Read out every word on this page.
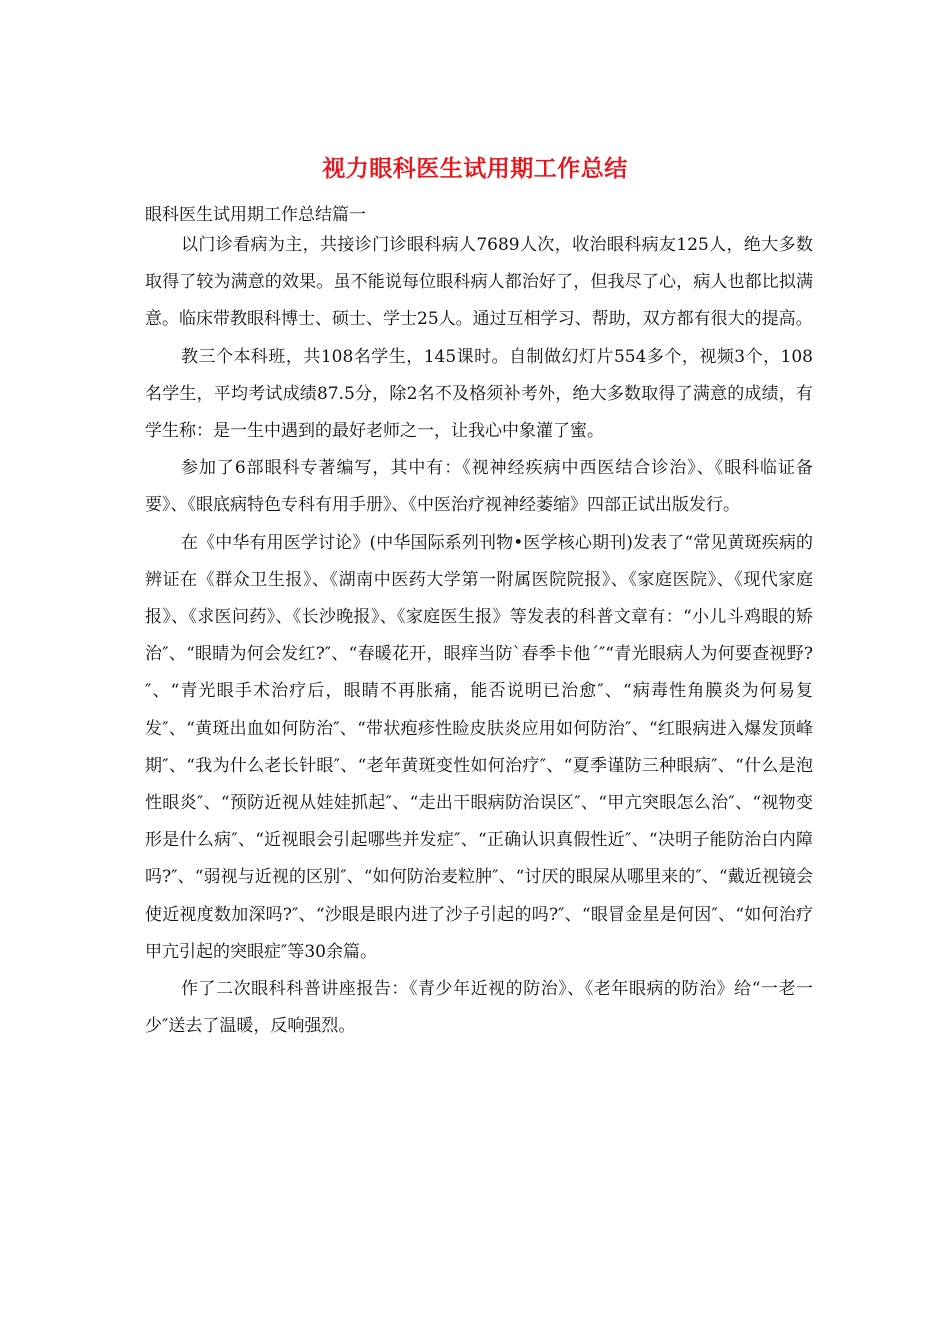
视力眼科医生试用期工作总结
眼科医生试用期工作总结篇一

以门诊看病为主，共接诊门诊眼科病人7689人次，收治眼科病友125人，绝大多数取得了较为满意的效果。虽不能说每位眼科病人都治好了，但我尽了心，病人也都比拟满意。临床带教眼科博士、硕士、学士25人。通过互相学习、帮助，双方都有很大的提高。

教三个本科班，共108名学生，145课时。自制做幻灯片554多个，视频3个，108名学生，平均考试成绩87.5分，除2名不及格须补考外，绝大多数取得了满意的成绩，有学生称：是一生中遇到的最好老师之一，让我心中象灌了蜜。

参加了6部眼科专著编写，其中有：《视神经疾病中西医结合诊治》、《眼科临证备要》、《眼底病特色专科有用手册》、《中医治疗视神经萎缩》四部正试出版发行。

在《中华有用医学讨论》(中华国际系列刊物•医学核心期刊)发表了“常见黄斑疾病的辨证在《群众卫生报》、《湖南中医药大学第一附属医院院报》、《家庭医院》、《现代家庭报》、《求医问药》、《长沙晚报》、《家庭医生报》等发表的科普文章有：“小儿斗鸡眼的矫治″、“眼睛为何会发红?″、“春暖花开，眼痒当防`春季卡他´″“青光眼病人为何要查视野?″、“青光眼手术治疗后，眼睛不再胀痛，能否说明已治愈″、“病毒性角膜炎为何易复发″、“黄斑出血如何防治″、“带状疱疹性睑皮肤炎应用如何防治″、“红眼病进入爆发顶峰期″、“我为什么老长针眼″、“老年黄斑变性如何治疗″、“夏季谨防三种眼病″、“什么是泡性眼炎″、“预防近视从娃娃抓起″、“走出干眼病防治误区″、“甲亢突眼怎么治″、“视物变形是什么病″、“近视眼会引起哪些并发症″、“正确认识真假性近″、“决明子能防治白内障吗?″、“弱视与近视的区别″、“如何防治麦粒肿″、“讨厌的眼屎从哪里来的″、“戴近视镜会使近视度数加深吗?″、“沙眼是眼内进了沙子引起的吗?″、“眼冒金星是何因″、“如何治疗甲亢引起的突眼症″等30余篇。

作了二次眼科科普讲座报告：《青少年近视的防治》、《老年眼病的防治》给“一老一少″送去了温暖，反响强烈。
